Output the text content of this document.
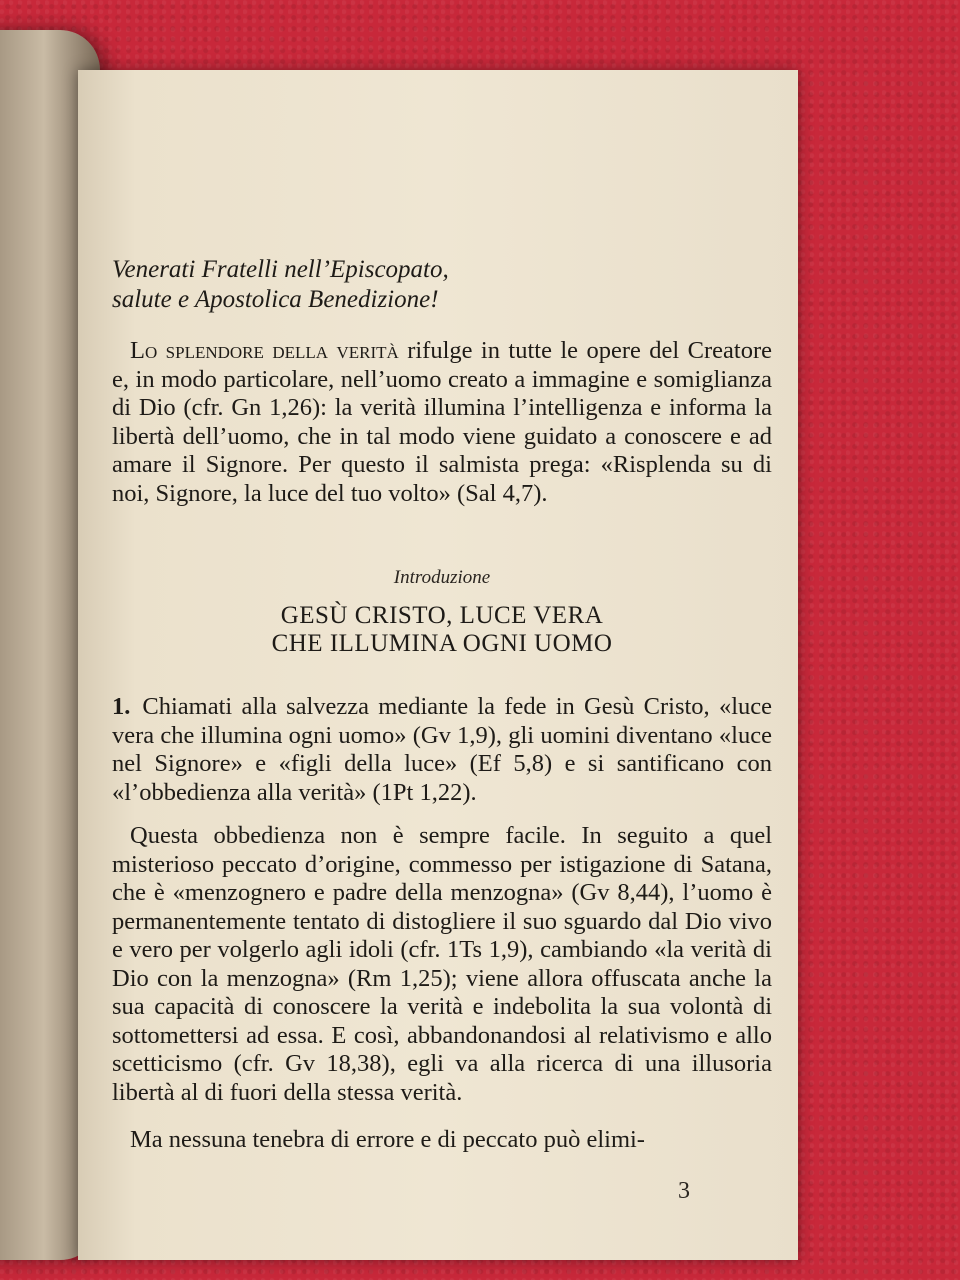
Venerati Fratelli nell’Episcopato,
salute e Apostolica Benedizione!
Lo splendore della verità rifulge in tutte le opere del Creatore e, in modo particolare, nell’uomo creato a immagine e somiglianza di Dio (cfr. Gn 1,26): la verità illumina l’intelligenza e informa la libertà dell’uomo, che in tal modo viene guidato a conoscere e ad amare il Signore. Per questo il salmista prega: «Risplenda su di noi, Signore, la luce del tuo volto» (Sal 4,7).
Introduzione
GESÙ CRISTO, LUCE VERA
CHE ILLUMINA OGNI UOMO
1. Chiamati alla salvezza mediante la fede in Gesù Cristo, «luce vera che illumina ogni uomo» (Gv 1,9), gli uomini diventano «luce nel Signore» e «figli della luce» (Ef 5,8) e si santificano con «l’obbedienza alla verità» (1Pt 1,22).
Questa obbedienza non è sempre facile. In seguito a quel misterioso peccato d’origine, commesso per istigazione di Satana, che è «menzognero e padre della menzogna» (Gv 8,44), l’uomo è permanentemente tentato di distogliere il suo sguardo dal Dio vivo e vero per volgerlo agli idoli (cfr. 1Ts 1,9), cambiando «la verità di Dio con la menzogna» (Rm 1,25); viene allora offuscata anche la sua capacità di conoscere la verità e indebolita la sua volontà di sottomettersi ad essa. E così, abbandonandosi al relativismo e allo scetticismo (cfr. Gv 18,38), egli va alla ricerca di una illusoria libertà al di fuori della stessa verità.
Ma nessuna tenebra di errore e di peccato può elimi-
3
